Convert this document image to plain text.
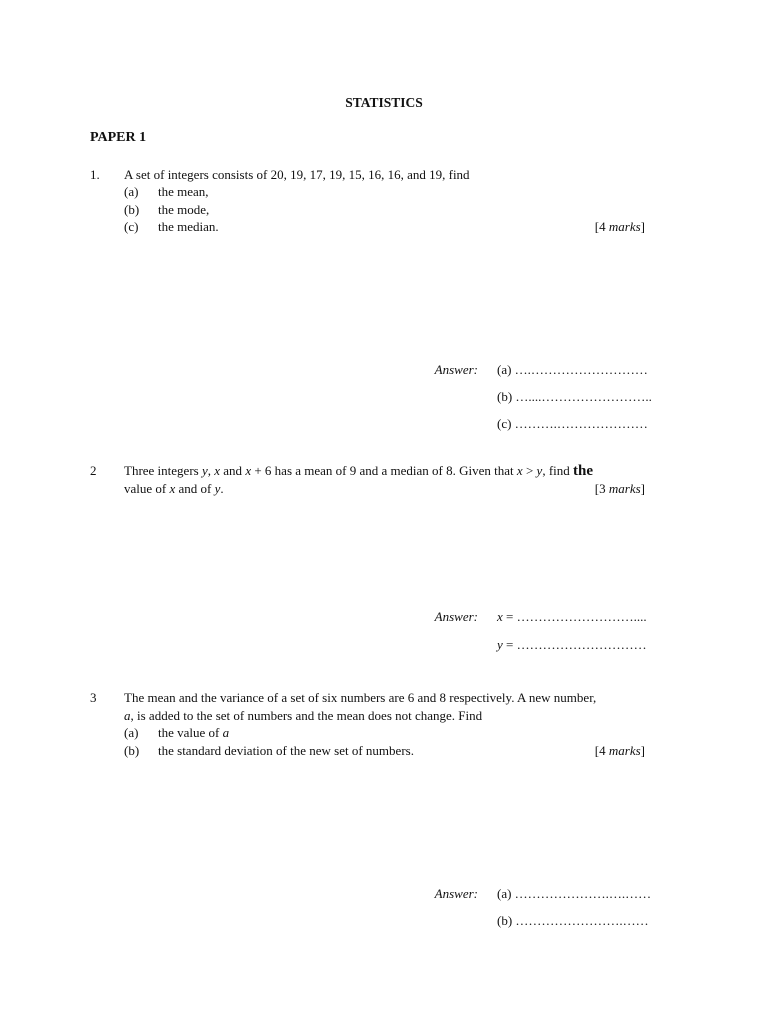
STATISTICS
PAPER 1
1. A set of integers consists of 20, 19, 17, 19, 15, 16, 16, and 19, find
(a) the mean,
(b) the mode,
(c) the median.	[4 marks]
Answer: (a) ….………………………
(b) …....……………………..
(c) ……….…………………
2 Three integers y, x and x + 6 has a mean of 9 and a median of 8. Given that x > y, find the
value of x and of y.	[3 marks]
Answer: x = ………………………....
y = …………………………
3 The mean and the variance of a set of six numbers are 6 and 8 respectively. A new number,
a, is added to the set of numbers and the mean does not change. Find
(a) the value of a
(b) the standard deviation of the new set of numbers.	[4 marks]
Answer: (a) ………………….….……
(b) …………………….……
